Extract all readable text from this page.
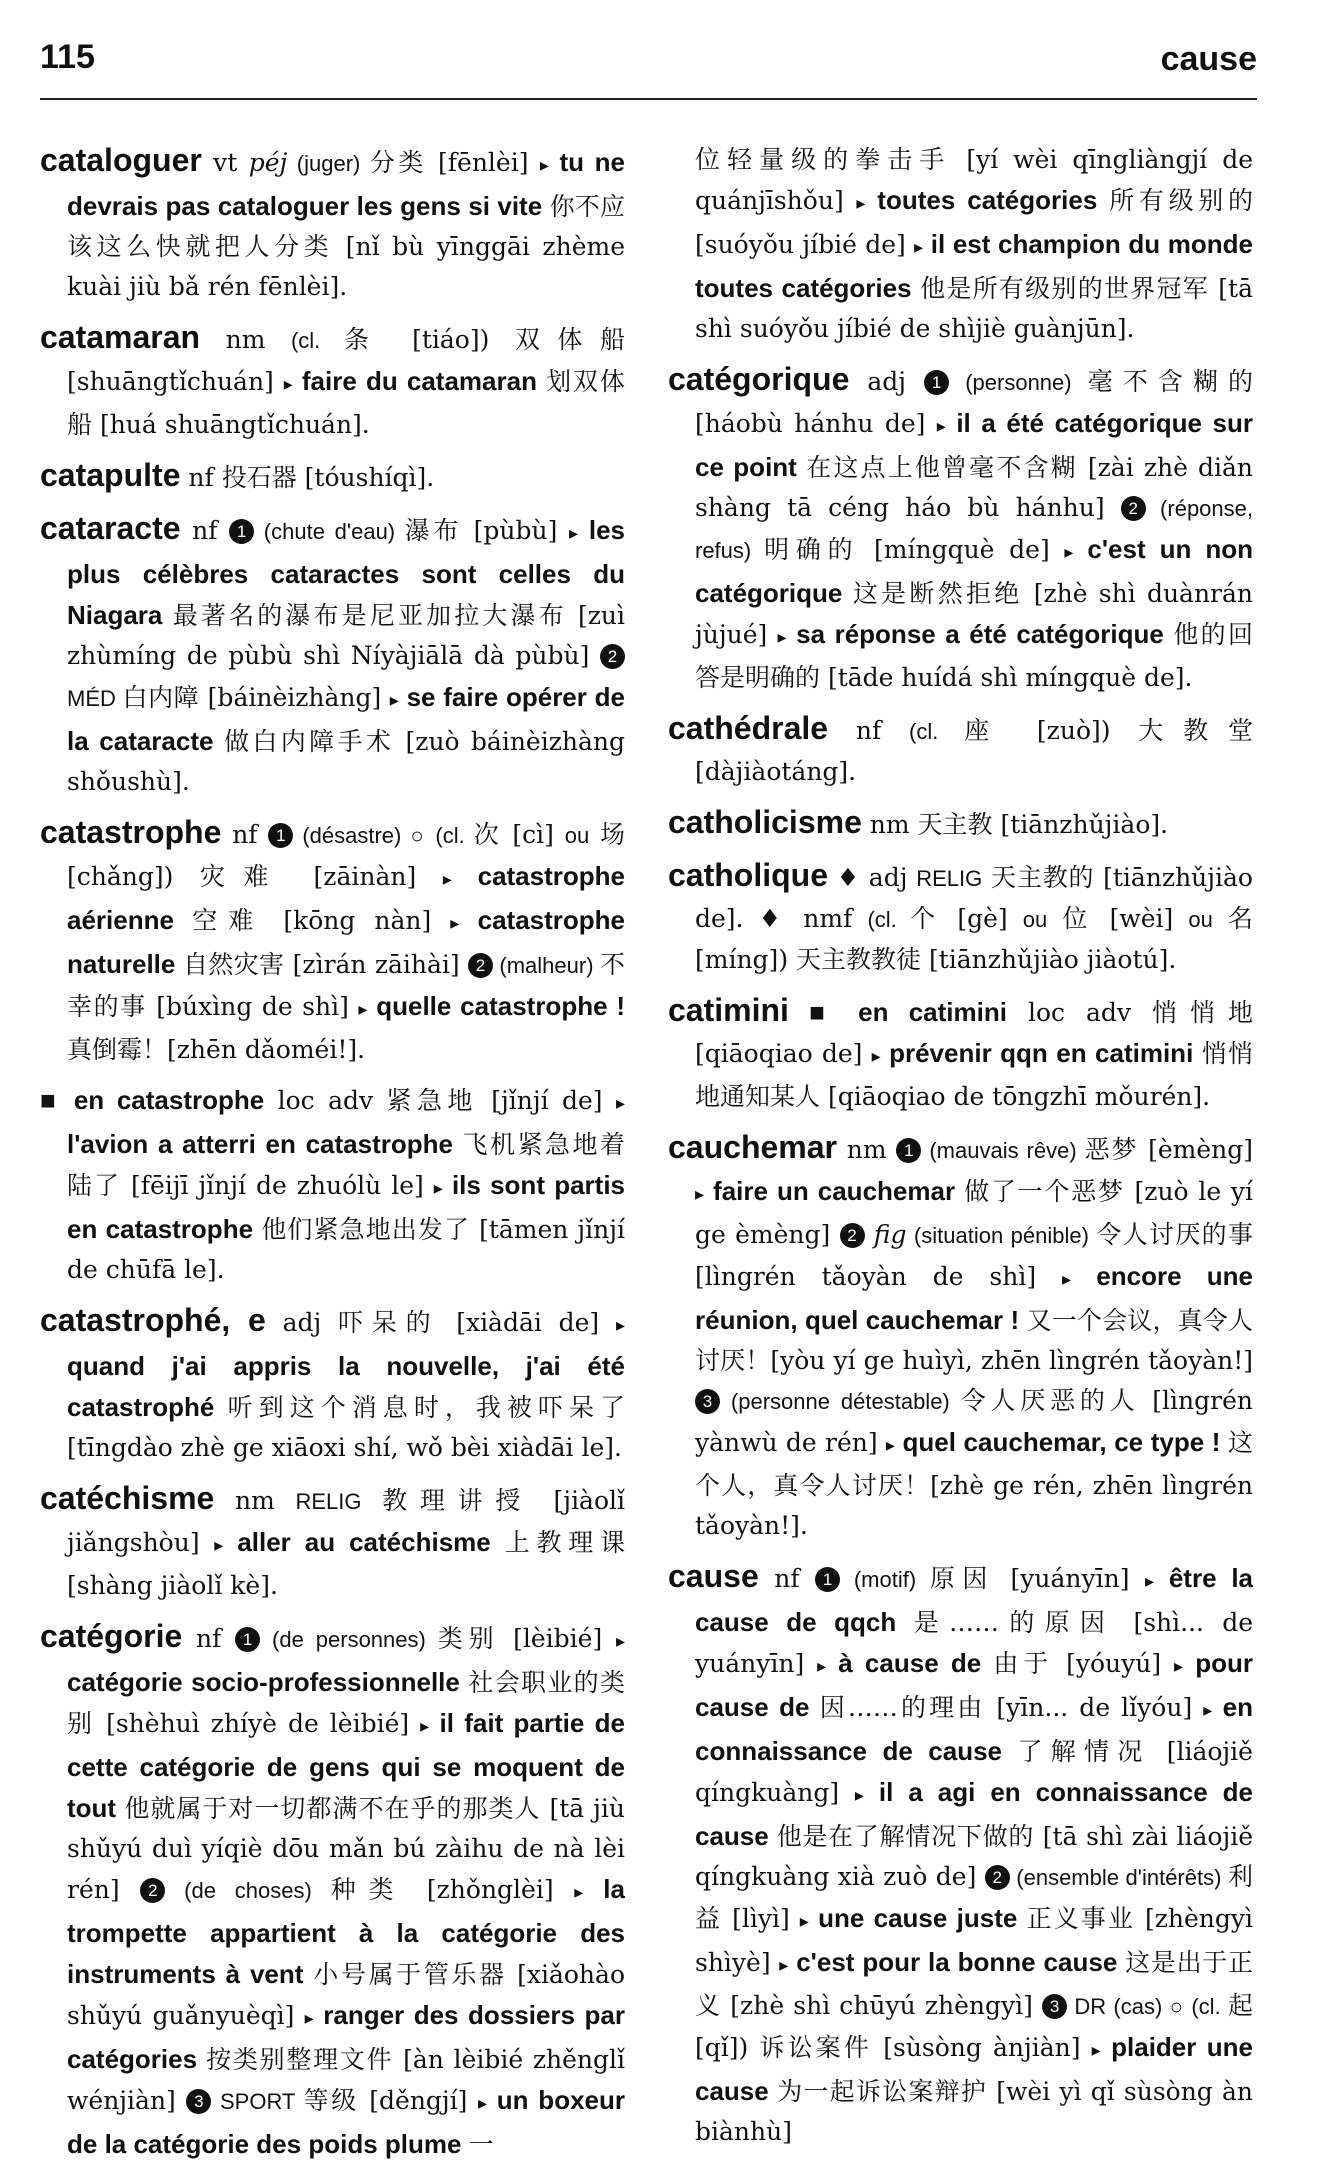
115	cause

cataloguer vt péj (juger) 分类 [fēnlèi] ▸ tu ne devrais pas cataloguer les gens si vite 你不应该这么快就把人分类 [nǐ bù yīnggāi zhème kuài jiù bǎ rén fēnlèi].

catamaran nm (cl. 条 [tiáo]) 双体船 [shuāngtǐchuán] ▸ faire du catamaran 划双体船 [huá shuāngtǐchuán].

catapulte nf 投石器 [tóushíqì].

cataracte nf 1 (chute d'eau) 瀑布 [pùbù] ▸ les plus célèbres cataractes sont celles du Niagara 最著名的瀑布是尼亚加拉大瀑布 [zuì zhùmíng de pùbù shì Níyàjiālā dà pùbù] 2 MÉD 白内障 [báinèizhàng] ▸ se faire opérer de la cataracte 做白内障手术 [zuò báinèizhàng shǒushù].

catastrophe nf 1 (désastre) ○ (cl. 次 [cì] ou 场 [chǎng]) 灾难 [zāinàn] ▸ catastrophe aérienne 空难 [kōng nàn] ▸ catastrophe naturelle 自然灾害 [zìrán zāihài] 2 (malheur) 不幸的事 [búxìng de shì] ▸ quelle catastrophe ! 真倒霉！[zhēn dǎoméi!].

■ en catastrophe loc adv 紧急地 [jǐnjí de] ▸ l'avion a atterri en catastrophe 飞机紧急地着陆了 [fēijī jǐnjí de zhuólù le] ▸ ils sont partis en catastrophe 他们紧急地出发了 [tāmen jǐnjí de chūfā le].

catastrophé, e adj 吓呆的 [xiàdāi de] ▸ quand j'ai appris la nouvelle, j'ai été catastrophé 听到这个消息时，我被吓呆了 [tīngdào zhè ge xiāoxi shí, wǒ bèi xiàdāi le].

catéchisme nm RELIG 教理讲授 [jiàolǐ jiǎngshòu] ▸ aller au catéchisme 上教理课 [shàng jiàolǐ kè].

catégorie nf 1 (de personnes) 类别 [lèibié] ▸ catégorie socio-professionnelle 社会职业的类别 [shèhuì zhíyè de lèibié] ▸ il fait partie de cette catégorie de gens qui se moquent de tout 他就属于对一切都满不在乎的那类人 [tā jiù shǔyú duì yíqiè dōu mǎn bú zàihu de nà lèi rén] 2 (de choses) 种类 [zhǒnglèi] ▸ la trompette appartient à la catégorie des instruments à vent 小号属于管乐器 [xiǎohào shǔyú guǎnyuèqì] ▸ ranger des dossiers par catégories 按类别整理文件 [àn lèibié zhěnglǐ wénjiàn] 3 SPORT 等级 [děngjí] ▸ un boxeur de la catégorie des poids plume 一

位轻量级的拳击手 [yí wèi qīngliàngjí de quánjīshǒu] ▸ toutes catégories 所有级别的 [suóyǒu jíbié de] ▸ il est champion du monde toutes catégories 他是所有级别的世界冠军 [tā shì suóyǒu jíbié de shìjiè guànjūn].

catégorique adj 1 (personne) 毫不含糊的 [háobù hánhu de] ▸ il a été catégorique sur ce point 在这点上他曾毫不含糊 [zài zhè diǎn shàng tā céng háo bù hánhu] 2 (réponse, refus) 明确的 [míngquè de] ▸ c'est un non catégorique 这是断然拒绝 [zhè shì duànrán jùjué] ▸ sa réponse a été catégorique 他的回答是明确的 [tāde huídá shì míngquè de].

cathédrale nf (cl. 座 [zuò]) 大教堂 [dàjiàotáng].

catholicisme nm 天主教 [tiānzhǔjiào].

catholique ♦ adj RELIG 天主教的 [tiānzhǔjiào de]. ♦ nmf (cl. 个 [gè] ou 位 [wèi] ou 名 [míng]) 天主教教徒 [tiānzhǔjiào jiàotú].

catimini ■ en catimini loc adv 悄悄地 [qiāoqiao de] ▸ prévenir qqn en catimini 悄悄地通知某人 [qiāoqiao de tōngzhī mǒurén].

cauchemar nm 1 (mauvais rêve) 恶梦 [èmèng] ▸ faire un cauchemar 做了一个恶梦 [zuò le yí ge èmèng] 2 fig (situation pénible) 令人讨厌的事 [lìngrén tǎoyàn de shì] ▸ encore une réunion, quel cauchemar ! 又一个会议，真令人讨厌！[yòu yí ge huìyì, zhēn lìngrén tǎoyàn!] 3 (personne détestable) 令人厌恶的人 [lìngrén yànwù de rén] ▸ quel cauchemar, ce type ! 这个人，真令人讨厌！[zhè ge rén, zhēn lìngrén tǎoyàn!].

cause nf 1 (motif) 原因 [yuányīn] ▸ être la cause de qqch 是……的原因 [shì... de yuányīn] ▸ à cause de 由于 [yóuyú] ▸ pour cause de 因……的理由 [yīn... de lǐyóu] ▸ en connaissance de cause 了解情况 [liáojiě qíngkuàng] ▸ il a agi en connaissance de cause 他是在了解情况下做的 [tā shì zài liáojiě qíngkuàng xià zuò de] 2 (ensemble d'intérêts) 利益 [lìyì] ▸ une cause juste 正义事业 [zhèngyì shìyè] ▸ c'est pour la bonne cause 这是出于正义 [zhè shì chūyú zhèngyì] 3 DR (cas) ○ (cl. 起 [qǐ]) 诉讼案件 [sùsòng ànjiàn] ▸ plaider une cause 为一起诉讼案辩护 [wèi yì qǐ sùsòng àn biànhù]
